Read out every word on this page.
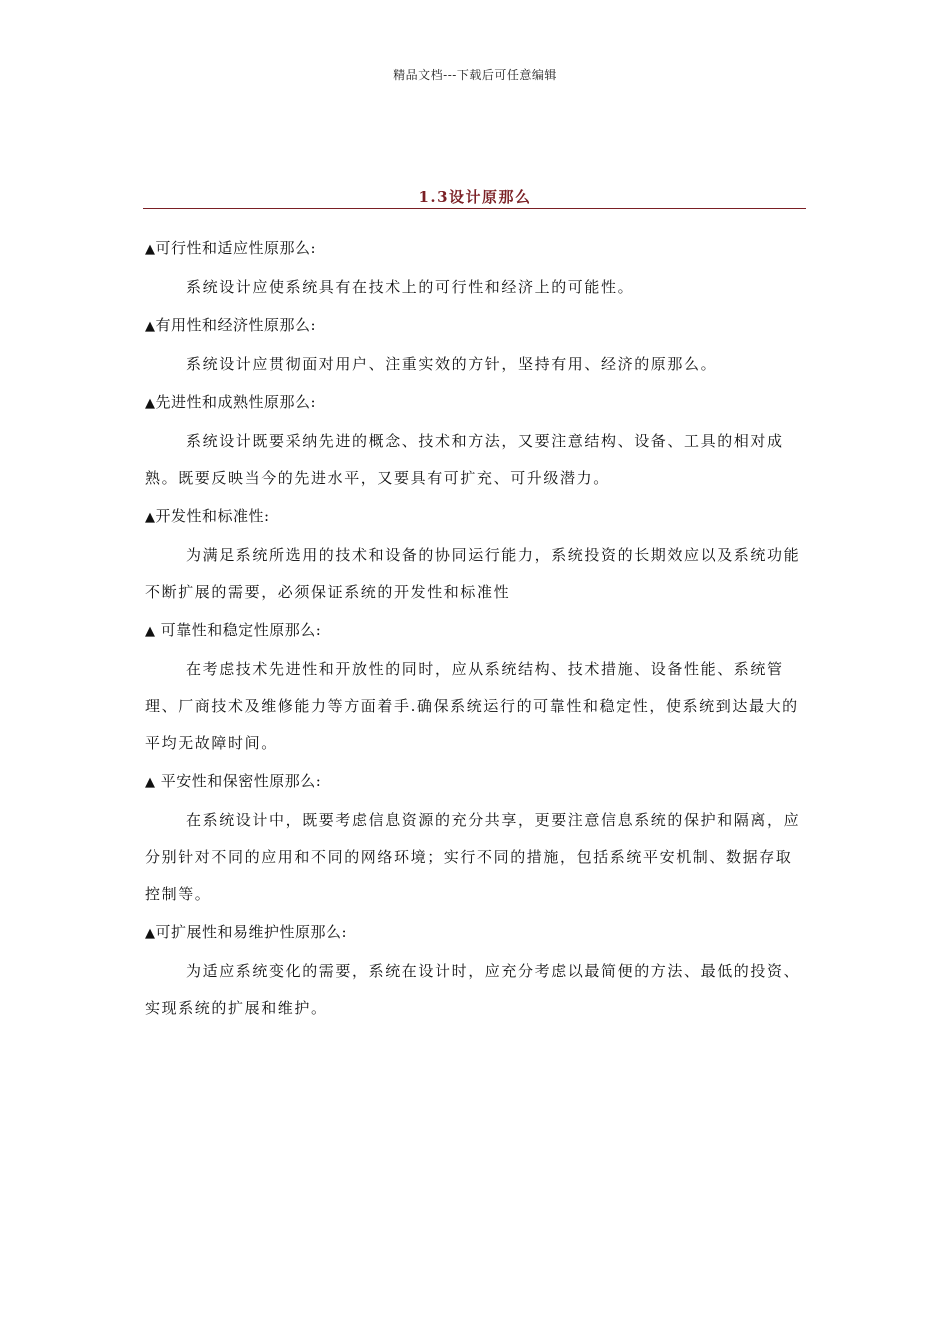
精品文档---下载后可任意编辑
1.3设计原那么
▲可行性和适应性原那么:

系统设计应使系统具有在技术上的可行性和经济上的可能性。

▲有用性和经济性原那么:

系统设计应贯彻面对用户、注重实效的方针，坚持有用、经济的原那么。

▲先进性和成熟性原那么:

系统设计既要采纳先进的概念、技术和方法，又要注意结构、设备、工具的相对成熟。既要反映当今的先进水平，又要具有可扩充、可升级潜力。

▲开发性和标准性:

为满足系统所选用的技术和设备的协同运行能力，系统投资的长期效应以及系统功能不断扩展的需要，必须保证系统的开发性和标准性

▲ 可靠性和稳定性原那么:

在考虑技术先进性和开放性的同时，应从系统结构、技术措施、设备性能、系统管理、厂商技术及维修能力等方面着手.确保系统运行的可靠性和稳定性，使系统到达最大的平均无故障时间。

▲ 平安性和保密性原那么:

在系统设计中，既要考虑信息资源的充分共享，更要注意信息系统的保护和隔离，应分别针对不同的应用和不同的网络环境；实行不同的措施，包括系统平安机制、数据存取控制等。

▲可扩展性和易维护性原那么:

为适应系统变化的需要，系统在设计时，应充分考虑以最简便的方法、最低的投资、实现系统的扩展和维护。
